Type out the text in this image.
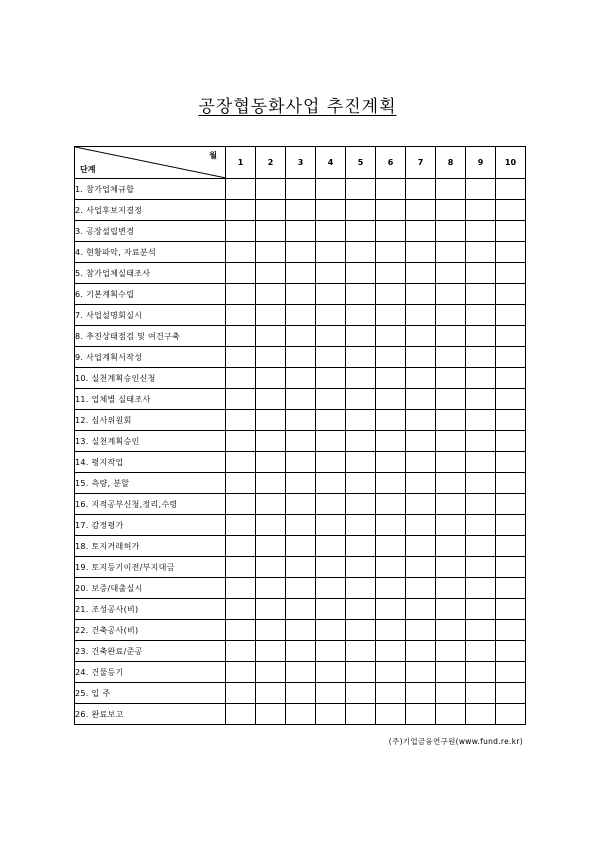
공장협동화사업 추진계획
월
단계	1	2	3	4	5	6	7	8	9	10
1. 참가업체규합										
2. 사업후보지결정										
3. 공장설립변경										
4. 현황파악, 자료분석										
5. 참가업체실태조사										
6. 기본계획수립										
7. 사업설명회실시										
8. 추진상태점검 및 여건구축										
9. 사업계획서작성										
10. 실천계획승인신청										
11. 업체별 실태조사										
12. 심사위원회										
13. 실천계획승인										
14. 평지작업										
15. 측량, 분할										
16. 지적공부신청,정리,수령										
17. 감정평가										
18. 토지거래허가										
19. 토지등기이전/부지대금										
20. 보증/대출실시										
21. 조성공사(비)										
22. 건축공사(비)										
23. 건축완료/준공										
24. 건물등기										
25. 입 주										
26. 완료보고										
(주)기업금융연구원(www.fund.re.kr)
